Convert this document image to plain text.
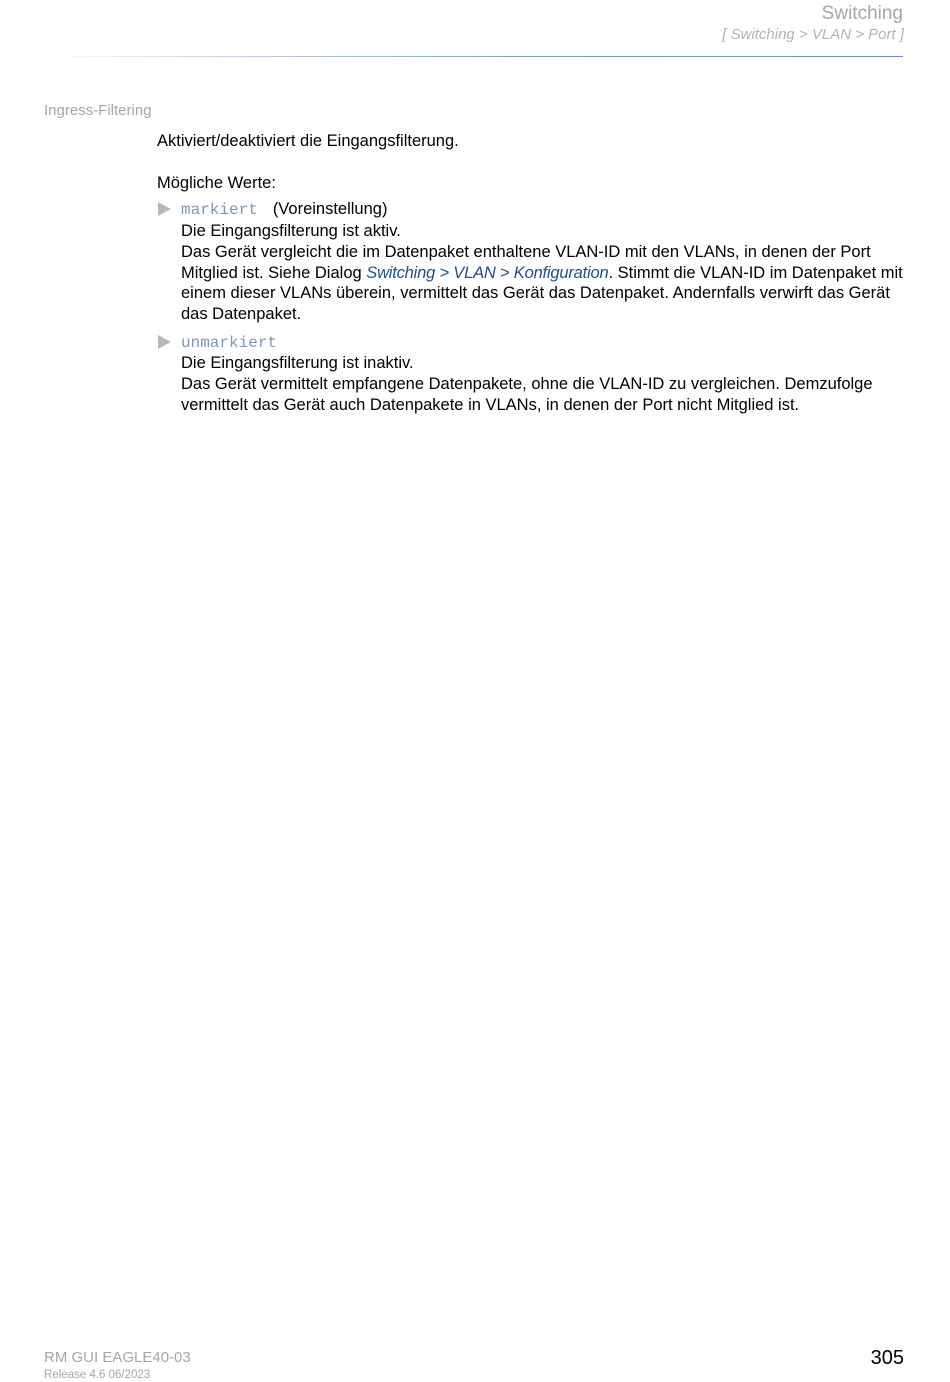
Switching
[ Switching > VLAN > Port ]
Ingress-Filtering

Aktiviert/deaktiviert die Eingangsfilterung.

Mögliche Werte:

markiert (Voreinstellung)

Die Eingangsfilterung ist aktiv.

Das Gerät vergleicht die im Datenpaket enthaltene VLAN-ID mit den VLANs, in denen der Port Mitglied ist. Siehe Dialog Switching > VLAN > Konfiguration. Stimmt die VLAN-ID im Datenpaket mit einem dieser VLANs überein, vermittelt das Gerät das Datenpaket. Andernfalls verwirft das Gerät das Datenpaket.

unmarkiert

Die Eingangsfilterung ist inaktiv.

Das Gerät vermittelt empfangene Datenpakete, ohne die VLAN-ID zu vergleichen. Demzufolge vermittelt das Gerät auch Datenpakete in VLANs, in denen der Port nicht Mitglied ist.

RM GUI EAGLE40-03
Release 4.6 06/2023
305
